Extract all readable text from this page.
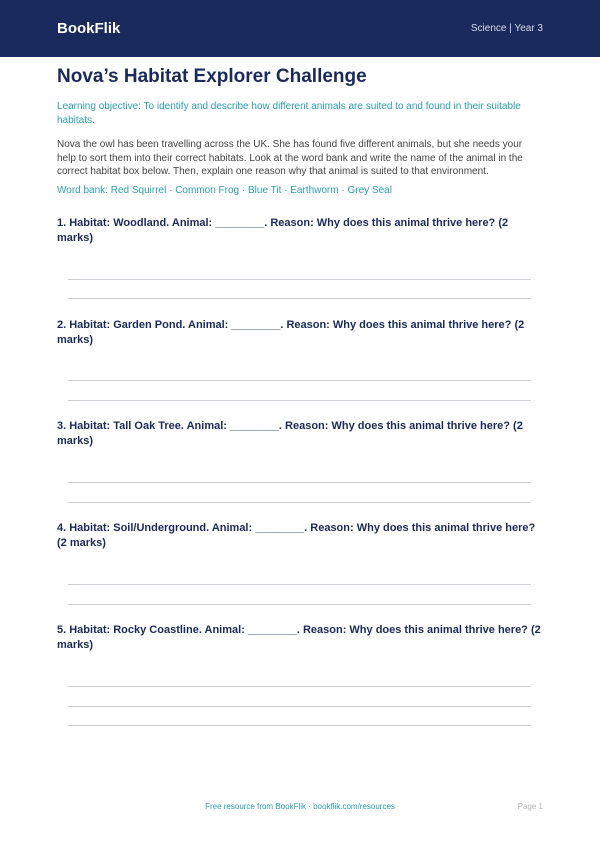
BookFlik	Science | Year 3
Nova’s Habitat Explorer Challenge

Learning objective: To identify and describe how different animals are suited to and found in their suitable habitats.

Nova the owl has been travelling across the UK. She has found five different animals, but she needs your help to sort them into their correct habitats. Look at the word bank and write the name of the animal in the correct habitat box below. Then, explain one reason why that animal is suited to that environment.

Word bank: Red Squirrel · Common Frog · Blue Tit · Earthworm · Grey Seal

1. Habitat: Woodland. Animal: ________. Reason: Why does this animal thrive here? (2 marks)

2. Habitat: Garden Pond. Animal: ________. Reason: Why does this animal thrive here? (2 marks)

3. Habitat: Tall Oak Tree. Animal: ________. Reason: Why does this animal thrive here? (2 marks)

4. Habitat: Soil/Underground. Animal: ________. Reason: Why does this animal thrive here? (2 marks)

5. Habitat: Rocky Coastline. Animal: ________. Reason: Why does this animal thrive here? (2 marks)

Free resource from BookFlik · bookflik.com/resources	Page 1
